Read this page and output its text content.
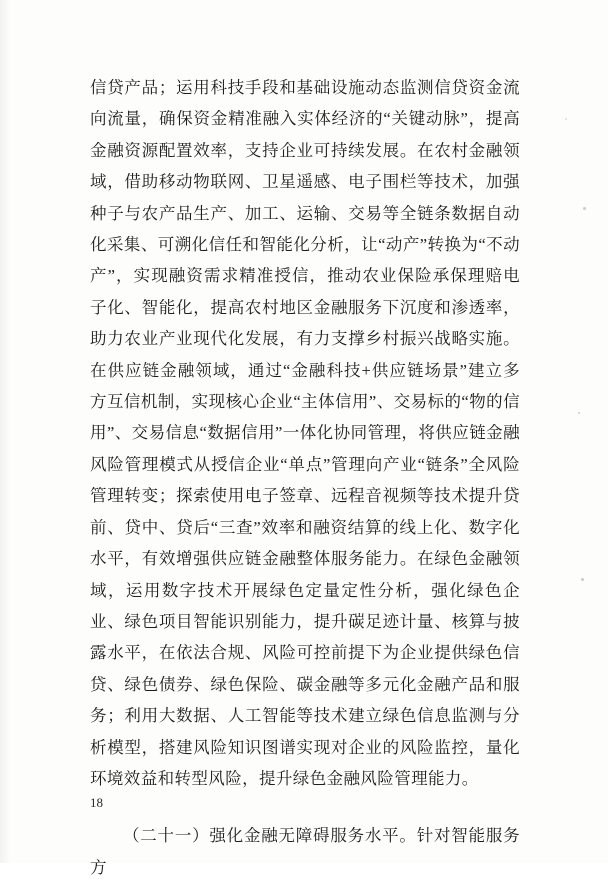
信贷产品；运用科技手段和基础设施动态监测信贷资金流向流量，确保资金精准融入实体经济的“关键动脉”，提高金融资源配置效率，支持企业可持续发展。在农村金融领域，借助移动物联网、卫星遥感、电子围栏等技术，加强种子与农产品生产、加工、运输、交易等全链条数据自动化采集、可溯化信任和智能化分析，让“动产”转换为“不动产”，实现融资需求精准授信，推动农业保险承保理赔电子化、智能化，提高农村地区金融服务下沉度和渗透率，助力农业产业现代化发展，有力支撑乡村振兴战略实施。在供应链金融领域，通过“金融科技+供应链场景”建立多方互信机制，实现核心企业“主体信用”、交易标的“物的信用”、交易信息“数据信用”一体化协同管理，将供应链金融风险管理模式从授信企业“单点”管理向产业“链条”全风险管理转变；探索使用电子签章、远程音视频等技术提升贷前、贷中、贷后“三查”效率和融资结算的线上化、数字化水平，有效增强供应链金融整体服务能力。在绿色金融领域，运用数字技术开展绿色定量定性分析，强化绿色企业、绿色项目智能识别能力，提升碳足迹计量、核算与披露水平，在依法合规、风险可控前提下为企业提供绿色信贷、绿色债券、绿色保险、碳金融等多元化金融产品和服务；利用大数据、人工智能等技术建立绿色信息监测与分析模型，搭建风险知识图谱实现对企业的风险监控，量化环境效益和转型风险，提升绿色金融风险管理能力。

（二十一）强化金融无障碍服务水平。针对智能服务方

18
